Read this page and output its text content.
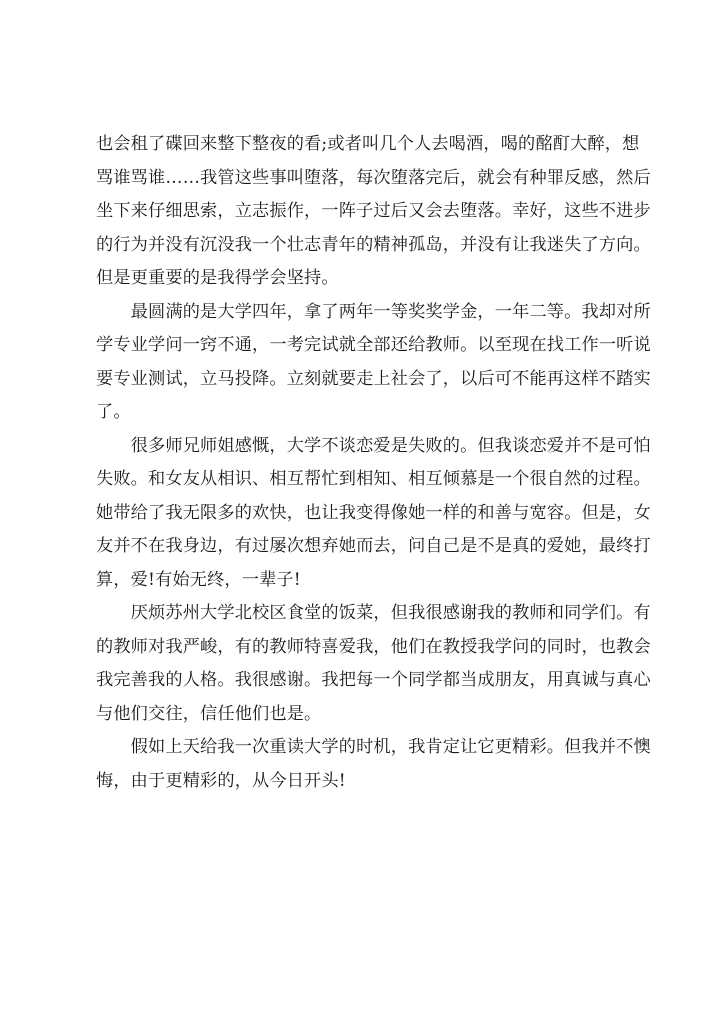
也会租了碟回来整下整夜的看;或者叫几个人去喝酒，喝的酩酊大醉，想
骂谁骂谁……我管这些事叫堕落，每次堕落完后，就会有种罪反感，然后
坐下来仔细思索，立志振作，一阵子过后又会去堕落。幸好，这些不进步
的行为并没有沉没我一个壮志青年的精神孤岛，并没有让我迷失了方向。
但是更重要的是我得学会坚持。
　　最圆满的是大学四年，拿了两年一等奖奖学金，一年二等。我却对所
学专业学问一窍不通，一考完试就全部还给教师。以至现在找工作一听说
要专业测试，立马投降。立刻就要走上社会了，以后可不能再这样不踏实
了。
　　很多师兄师姐感慨，大学不谈恋爱是失败的。但我谈恋爱并不是可怕
失败。和女友从相识、相互帮忙到相知、相互倾慕是一个很自然的过程。
她带给了我无限多的欢快，也让我变得像她一样的和善与宽容。但是，女
友并不在我身边，有过屡次想弃她而去，问自己是不是真的爱她，最终打
算，爱!有始无终，一辈子!
　　厌烦苏州大学北校区食堂的饭菜，但我很感谢我的教师和同学们。有
的教师对我严峻，有的教师特喜爱我，他们在教授我学问的同时，也教会
我完善我的人格。我很感谢。我把每一个同学都当成朋友，用真诚与真心
与他们交往，信任他们也是。
　　假如上天给我一次重读大学的时机，我肯定让它更精彩。但我并不懊
悔，由于更精彩的，从今日开头!
